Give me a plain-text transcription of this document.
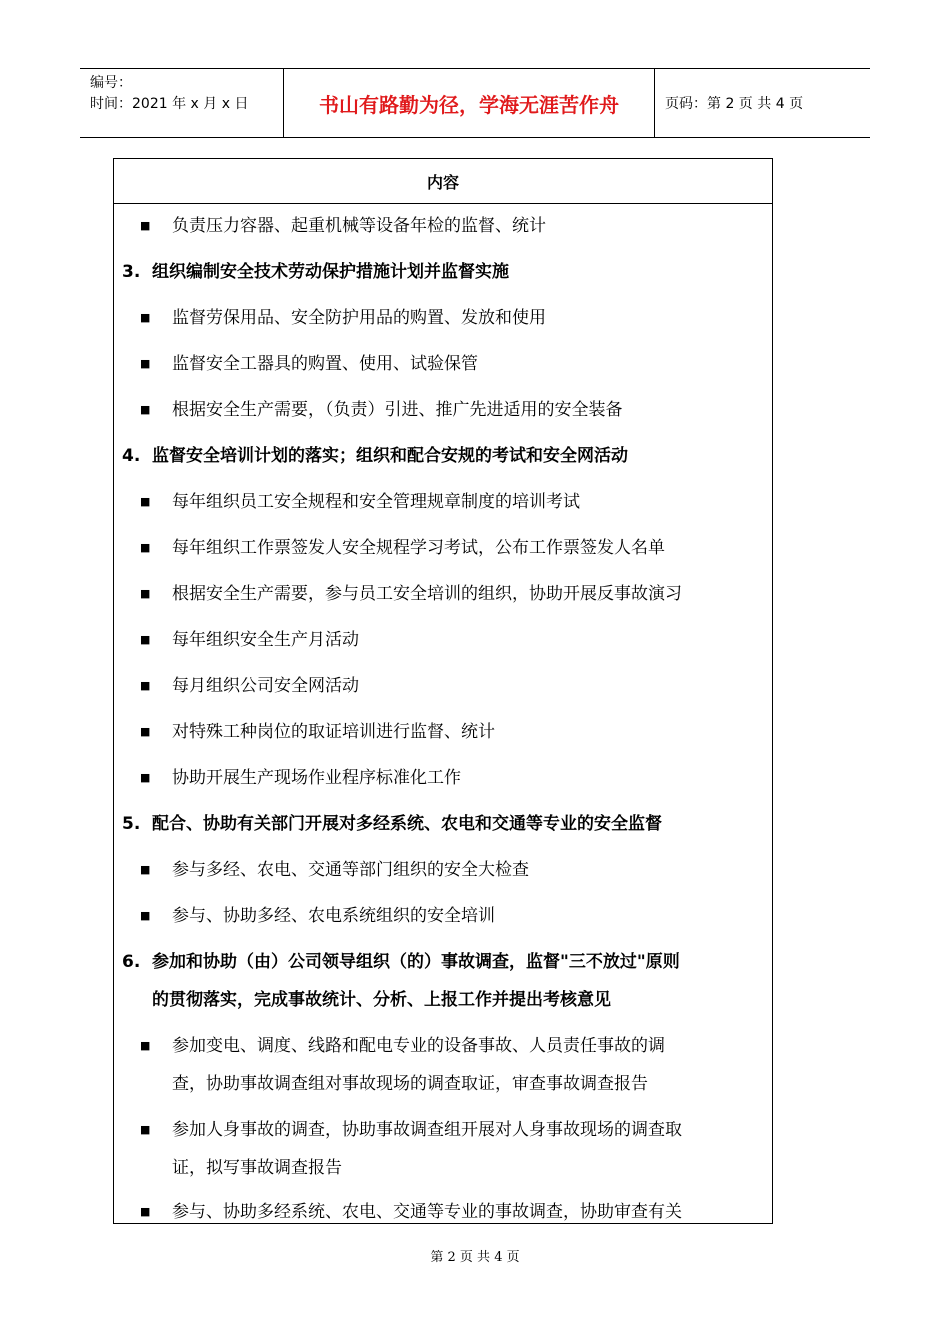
编号：
时间：2021 年 x 月 x 日	书山有路勤为径，学海无涯苦作舟	页码：第 2 页 共 4 页
内容
■ 负责压力容器、起重机械等设备年检的监督、统计
3. 组织编制安全技术劳动保护措施计划并监督实施
■ 监督劳保用品、安全防护用品的购置、发放和使用
■ 监督安全工器具的购置、使用、试验保管
■ 根据安全生产需要，（负责）引进、推广先进适用的安全装备
4. 监督安全培训计划的落实；组织和配合安规的考试和安全网活动
■ 每年组织员工安全规程和安全管理规章制度的培训考试
■ 每年组织工作票签发人安全规程学习考试，公布工作票签发人名单
■ 根据安全生产需要，参与员工安全培训的组织，协助开展反事故演习
■ 每年组织安全生产月活动
■ 每月组织公司安全网活动
■ 对特殊工种岗位的取证培训进行监督、统计
■ 协助开展生产现场作业程序标准化工作
5. 配合、协助有关部门开展对多经系统、农电和交通等专业的安全监督
■ 参与多经、农电、交通等部门组织的安全大检查
■ 参与、协助多经、农电系统组织的安全培训
6. 参加和协助（由）公司领导组织（的）事故调查，监督"三不放过"原则
的贯彻落实，完成事故统计、分析、上报工作并提出考核意见
■ 参加变电、调度、线路和配电专业的设备事故、人员责任事故的调
查，协助事故调查组对事故现场的调查取证，审查事故调查报告
■ 参加人身事故的调查，协助事故调查组开展对人身事故现场的调查取
证，拟写事故调查报告
■ 参与、协助多经系统、农电、交通等专业的事故调查，协助审查有关
第 2 页 共 4 页
